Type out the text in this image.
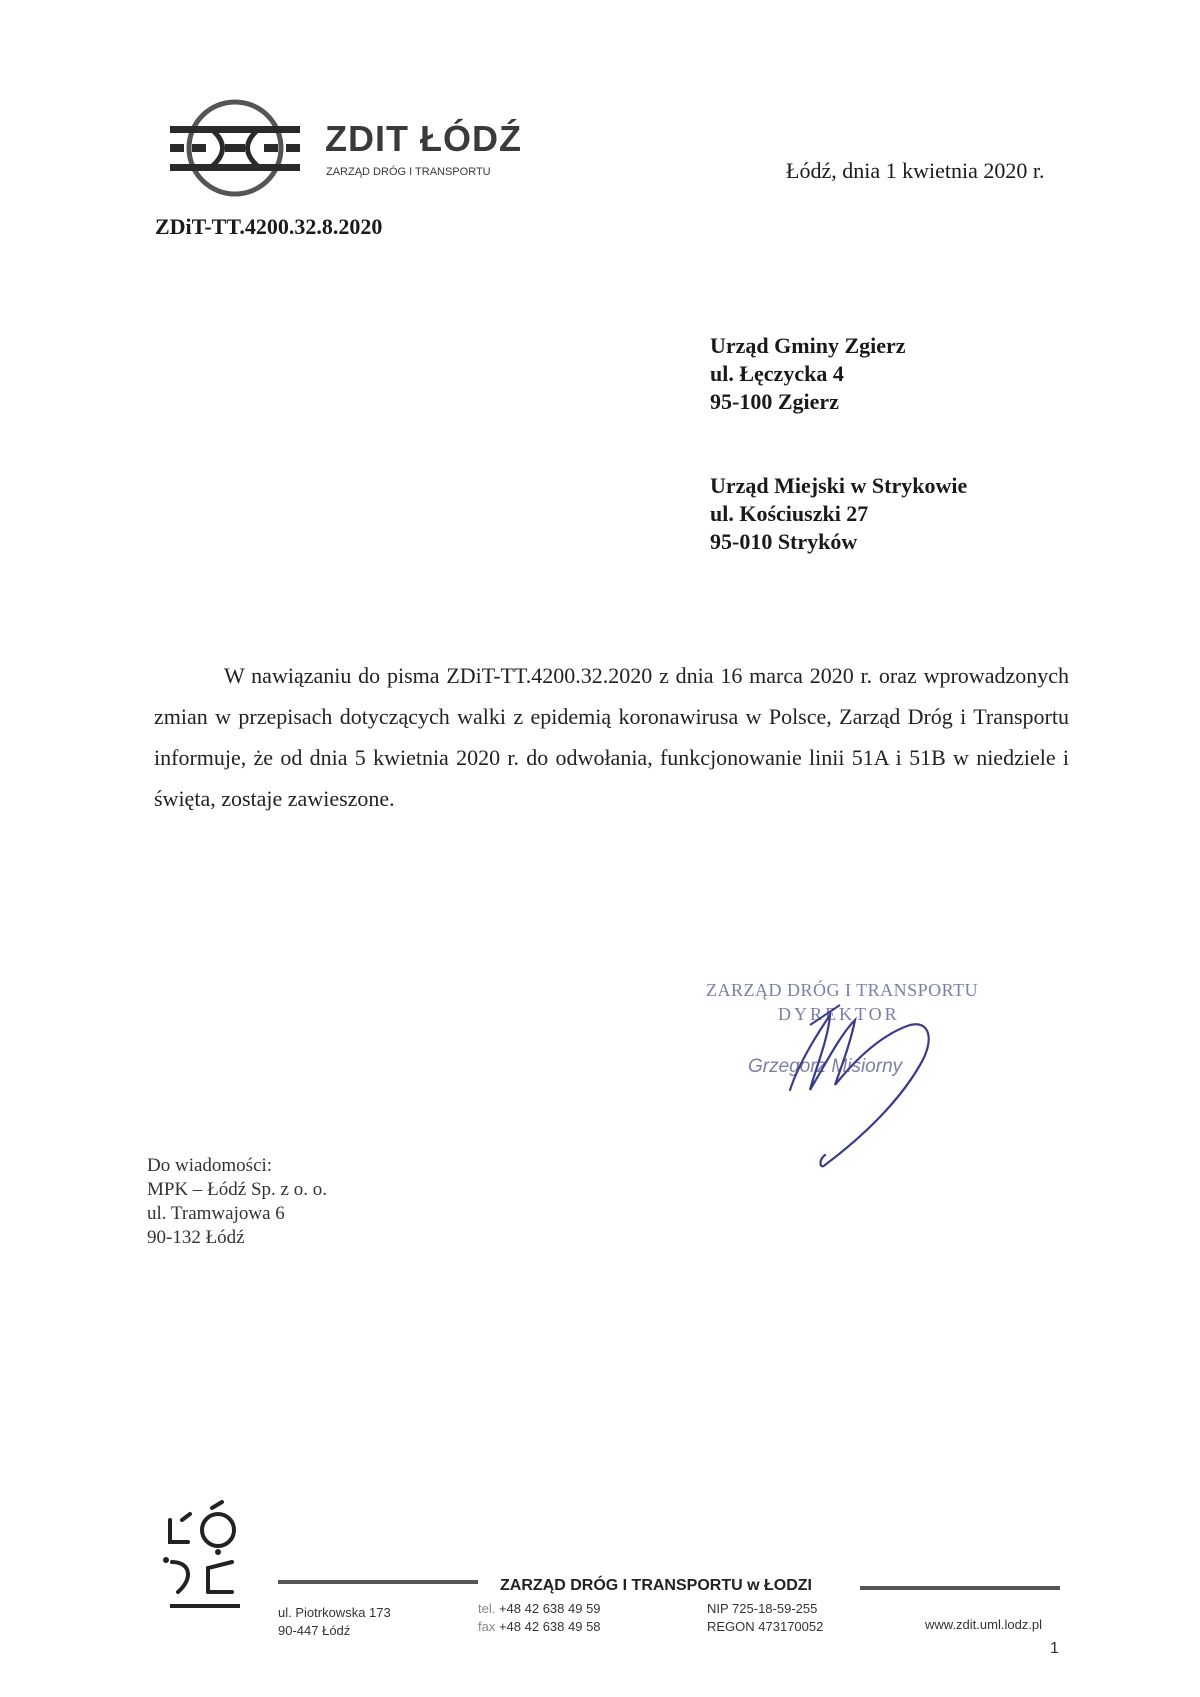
ZDIT ŁÓDŹ
ZARZĄD DRÓG I TRANSPORTU	Łódź, dnia 1 kwietnia 2020 r.
ZDiT-TT.4200.32.8.2020
Urząd Gminy Zgierz
ul. Łęczycka 4
95-100 Zgierz
Urząd Miejski w Strykowie
ul. Kościuszki 27
95-010 Stryków

W nawiązaniu do pisma ZDiT-TT.4200.32.2020 z dnia 16 marca 2020 r. oraz wprowadzonych zmian w przepisach dotyczących walki z epidemią koronawirusa w Polsce, Zarząd Dróg i Transportu informuje, że od dnia 5 kwietnia 2020 r. do odwołania, funkcjonowanie linii 51A i 51B w niedziele i święta, zostaje zawieszone.

ZARZĄD DRÓG I TRANSPORTU
DYREKTOR
Grzegorz Misiorny
Do wiadomości:
MPK – Łódź Sp. z o. o.
ul. Tramwajowa 6
90-132 Łódź
ZARZĄD DRÓG I TRANSPORTU w ŁODZI
ul. Piotrkowska 173
90-447 Łódź
tel. +48 42 638 49 59
fax +48 42 638 49 58
NIP 725-18-59-255
REGON 473170052	www.zdit.uml.lodz.pl
1
